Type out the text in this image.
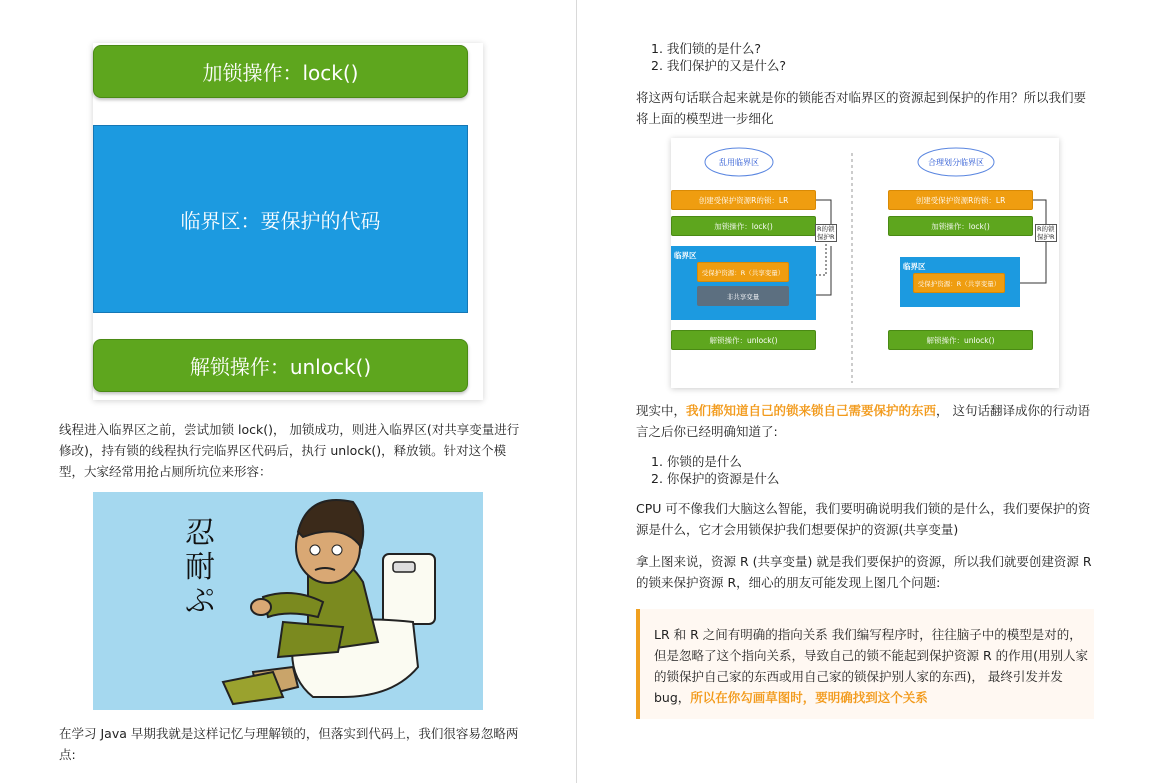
加锁操作：lock()
临界区：要保护的代码
解锁操作：unlock()
线程进入临界区之前，尝试加锁 lock()， 加锁成功，则进入临界区(对共享变量进行
修改)，持有锁的线程执行完临界区代码后，执行 unlock()，释放锁。针对这个模
型，大家经常用抢占厕所坑位来形容：
忍
耐
ぷ
在学习 Java 早期我就是这样记忆与理解锁的，但落实到代码上，我们很容易忽略两
点:
1. 我们锁的是什么?
2. 我们保护的又是什么?
将这两句话联合起来就是你的锁能否对临界区的资源起到保护的作用？所以我们要
将上面的模型进一步细化
乱用临界区	合理划分临界区
创建受保护资源R的锁：LR
加锁操作：lock()	R的锁
保护R
临界区
受保护资源：R（共享变量）
非共享变量
解锁操作：unlock()
创建受保护资源R的锁：LR
加锁操作：lock()	R的锁
保护R
临界区
受保护资源：R（共享变量）
解锁操作：unlock()
现实中，我们都知道自己的锁来锁自己需要保护的东西， 这句话翻译成你的行动语
言之后你已经明确知道了:
1. 你锁的是什么
2. 你保护的资源是什么
CPU 可不像我们大脑这么智能，我们要明确说明我们锁的是什么，我们要保护的资
源是什么，它才会用锁保护我们想要保护的资源(共享变量)
拿上图来说，资源 R (共享变量) 就是我们要保护的资源，所以我们就要创建资源 R
的锁来保护资源 R，细心的朋友可能发现上图几个问题:
LR 和 R 之间有明确的指向关系 我们编写程序时，往往脑子中的模型是对的，
但是忽略了这个指向关系，导致自己的锁不能起到保护资源 R 的作用(用别人家
的锁保护自己家的东西或用自己家的锁保护别人家的东西)， 最终引发并发
bug，所以在你勾画草图时，要明确找到这个关系
